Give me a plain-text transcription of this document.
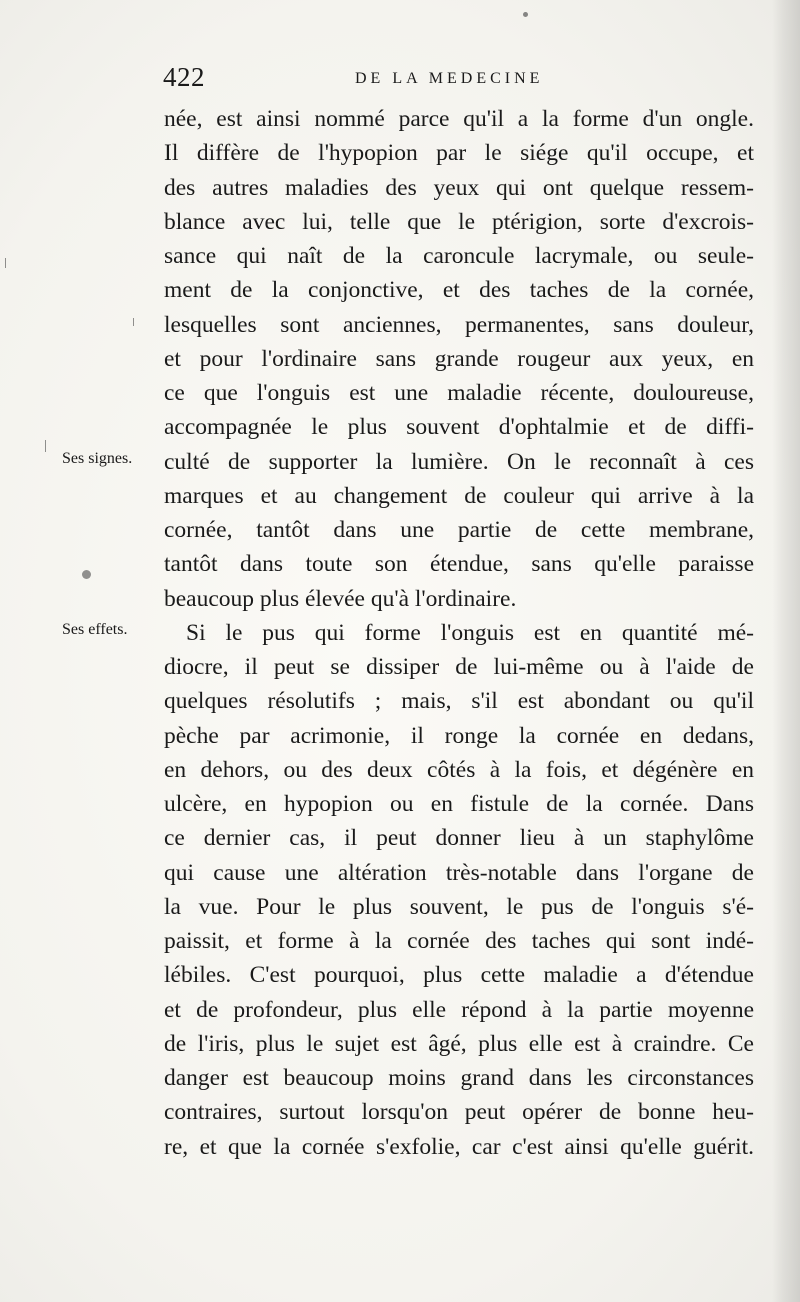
422	DE LA MEDECINE
Ses signes.
Ses effets.
née, est ainsi nommé parce qu'il a la forme d'un ongle.
Il diffère de l'hypopion par le siége qu'il occupe, et
des autres maladies des yeux qui ont quelque ressem-
blance avec lui, telle que le ptérigion, sorte d'excrois-
sance qui naît de la caroncule lacrymale, ou seule-
ment de la conjonctive, et des taches de la cornée,
lesquelles sont anciennes, permanentes, sans douleur,
et pour l'ordinaire sans grande rougeur aux yeux, en
ce que l'onguis est une maladie récente, douloureuse,
accompagnée le plus souvent d'ophtalmie et de diffi-
culté de supporter la lumière. On le reconnaît à ces
marques et au changement de couleur qui arrive à la
cornée, tantôt dans une partie de cette membrane,
tantôt dans toute son étendue, sans qu'elle paraisse
beaucoup plus élevée qu'à l'ordinaire.
Si le pus qui forme l'onguis est en quantité mé-
diocre, il peut se dissiper de lui-même ou à l'aide de
quelques résolutifs ; mais, s'il est abondant ou qu'il
pèche par acrimonie, il ronge la cornée en dedans,
en dehors, ou des deux côtés à la fois, et dégénère en
ulcère, en hypopion ou en fistule de la cornée. Dans
ce dernier cas, il peut donner lieu à un staphylôme
qui cause une altération très-notable dans l'organe de
la vue. Pour le plus souvent, le pus de l'onguis s'é-
paissit, et forme à la cornée des taches qui sont indé-
lébiles. C'est pourquoi, plus cette maladie a d'étendue
et de profondeur, plus elle répond à la partie moyenne
de l'iris, plus le sujet est âgé, plus elle est à craindre. Ce
danger est beaucoup moins grand dans les circonstances
contraires, surtout lorsqu'on peut opérer de bonne heu-
re, et que la cornée s'exfolie, car c'est ainsi qu'elle guérit.
